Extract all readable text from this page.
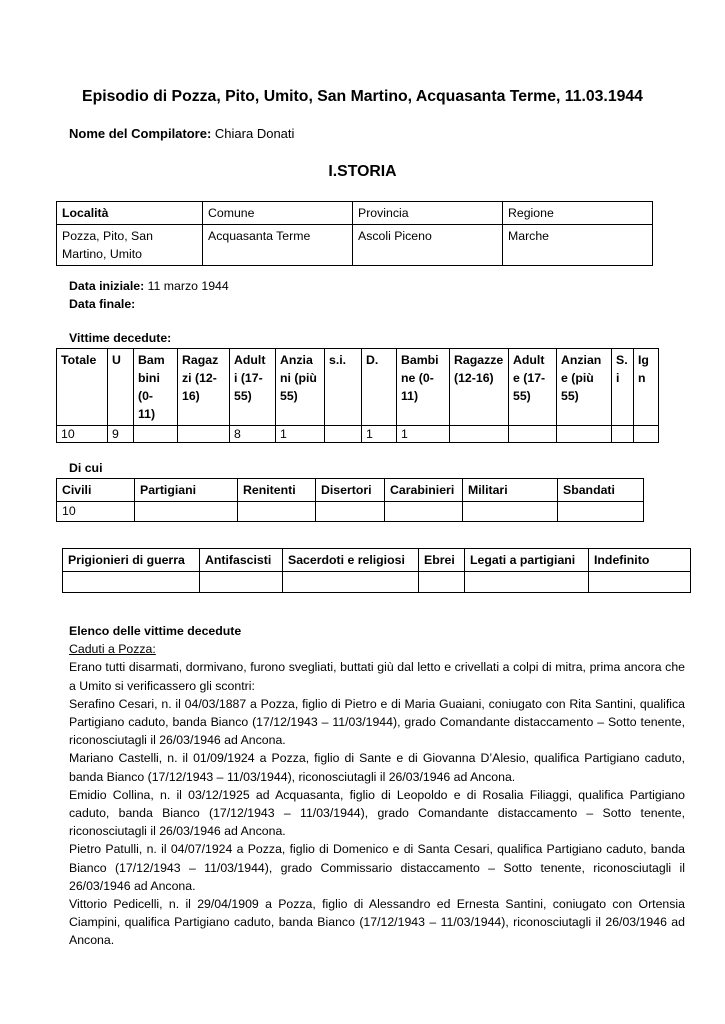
Episodio di Pozza, Pito, Umito, San Martino, Acquasanta Terme, 11.03.1944
Nome del Compilatore: Chiara Donati
I.STORIA
Località	Comune	Provincia	Regione
Pozza, Pito, San Martino, Umito	Acquasanta Terme	Ascoli Piceno	Marche
Data iniziale: 11 marzo 1944
Data finale:
Vittime decedute:
Totale	U	Bam bini (0- 11)	Ragaz zi (12- 16)	Adult i (17- 55)	Anzia ni (più 55)	s.i.	D.	Bambi ne (0- 11)	Ragazze (12-16)	Adult e (17- 55)	Anzian e (più 55)	S. i	Ig n
10	9			8	1		1	1					
Di cui
Civili	Partigiani	Renitenti	Disertori	Carabinieri	Militari	Sbandati
10						
Prigionieri di guerra	Antifascisti	Sacerdoti e religiosi	Ebrei	Legati a partigiani	Indefinito

Elenco delle vittime decedute
Caduti a Pozza:

Erano tutti disarmati, dormivano, furono svegliati, buttati giù dal letto e crivellati a colpi di mitra, prima ancora che a Umito si verificassero gli scontri:

Serafino Cesari, n. il 04/03/1887 a Pozza, figlio di Pietro e di Maria Guaiani, coniugato con Rita Santini, qualifica Partigiano caduto, banda Bianco (17/12/1943 – 11/03/1944), grado Comandante distaccamento – Sotto tenente, riconosciutagli il 26/03/1946 ad Ancona.

Mariano Castelli, n. il 01/09/1924 a Pozza, figlio di Sante e di Giovanna D’Alesio, qualifica Partigiano caduto, banda Bianco (17/12/1943 – 11/03/1944), riconosciutagli il 26/03/1946 ad Ancona.

Emidio Collina, n. il 03/12/1925 ad Acquasanta, figlio di Leopoldo e di Rosalia Filiaggi, qualifica Partigiano caduto, banda Bianco (17/12/1943 – 11/03/1944), grado Comandante distaccamento – Sotto tenente, riconosciutagli il 26/03/1946 ad Ancona.

Pietro Patulli, n. il 04/07/1924 a Pozza, figlio di Domenico e di Santa Cesari, qualifica Partigiano caduto, banda Bianco (17/12/1943 – 11/03/1944), grado Commissario distaccamento – Sotto tenente, riconosciutagli il 26/03/1946 ad Ancona.

Vittorio Pedicelli, n. il 29/04/1909 a Pozza, figlio di Alessandro ed Ernesta Santini, coniugato con Ortensia Ciampini, qualifica Partigiano caduto, banda Bianco (17/12/1943 – 11/03/1944), riconosciutagli il 26/03/1946 ad Ancona.
